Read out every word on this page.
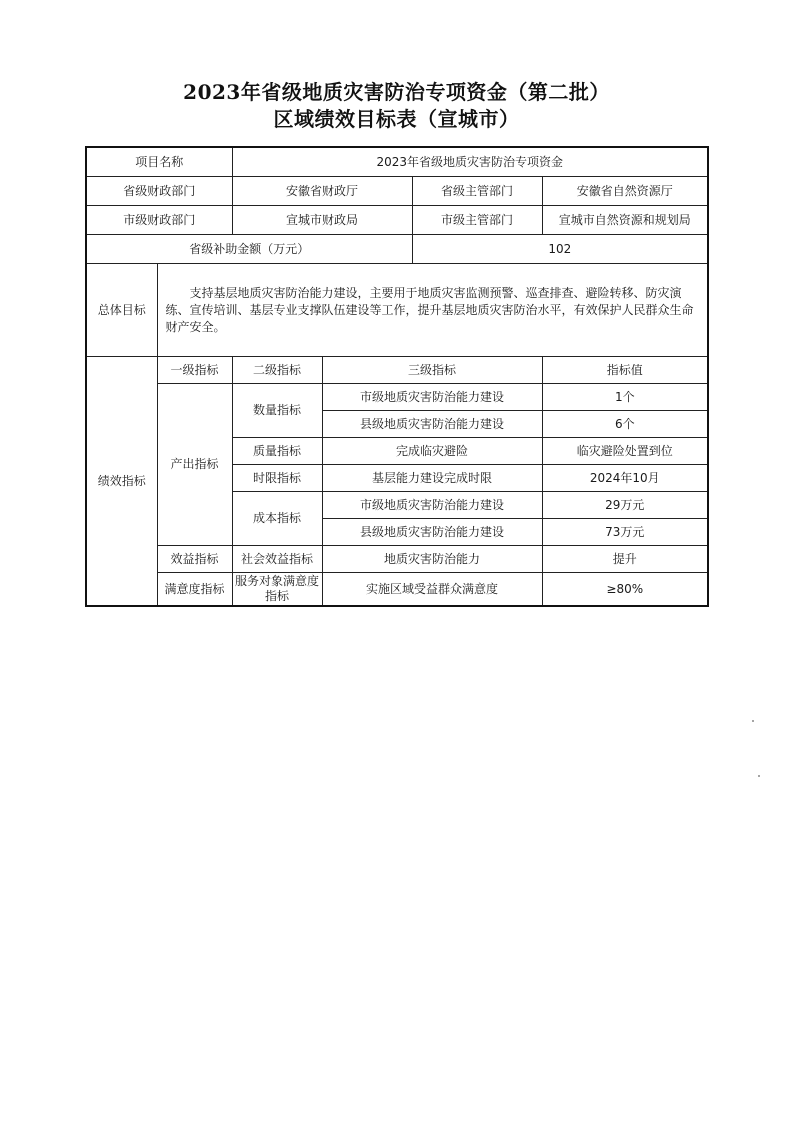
2023年省级地质灾害防治专项资金（第二批）
区域绩效目标表（宣城市）
项目名称		2023年省级地质灾害防治专项资金			
省级财政部门		安徽省财政厅		省级主管部门	安徽省自然资源厅
市级财政部门		宣城市财政局		市级主管部门	宣城市自然资源和规划局
省级补助金额（万元）				102	
总体目标	　　支持基层地质灾害防治能力建设，主要用于地质灾害监测预警、巡查排查、避险转移、防灾演练、宣传培训、基层专业支撑队伍建设等工作，提升基层地质灾害防治水平，有效保护人民群众生命财产安全。				
绩效指标	一级指标	二级指标	三级指标		指标值
	产出指标	数量指标	市级地质灾害防治能力建设		1个
			县级地质灾害防治能力建设		6个
		质量指标	完成临灾避险		临灾避险处置到位
		时限指标	基层能力建设完成时限		2024年10月
		成本指标	市级地质灾害防治能力建设		29万元
			县级地质灾害防治能力建设		73万元
	效益指标	社会效益指标	地质灾害防治能力		提升
	满意度指标	服务对象满意度指标	实施区域受益群众满意度		≥80%
